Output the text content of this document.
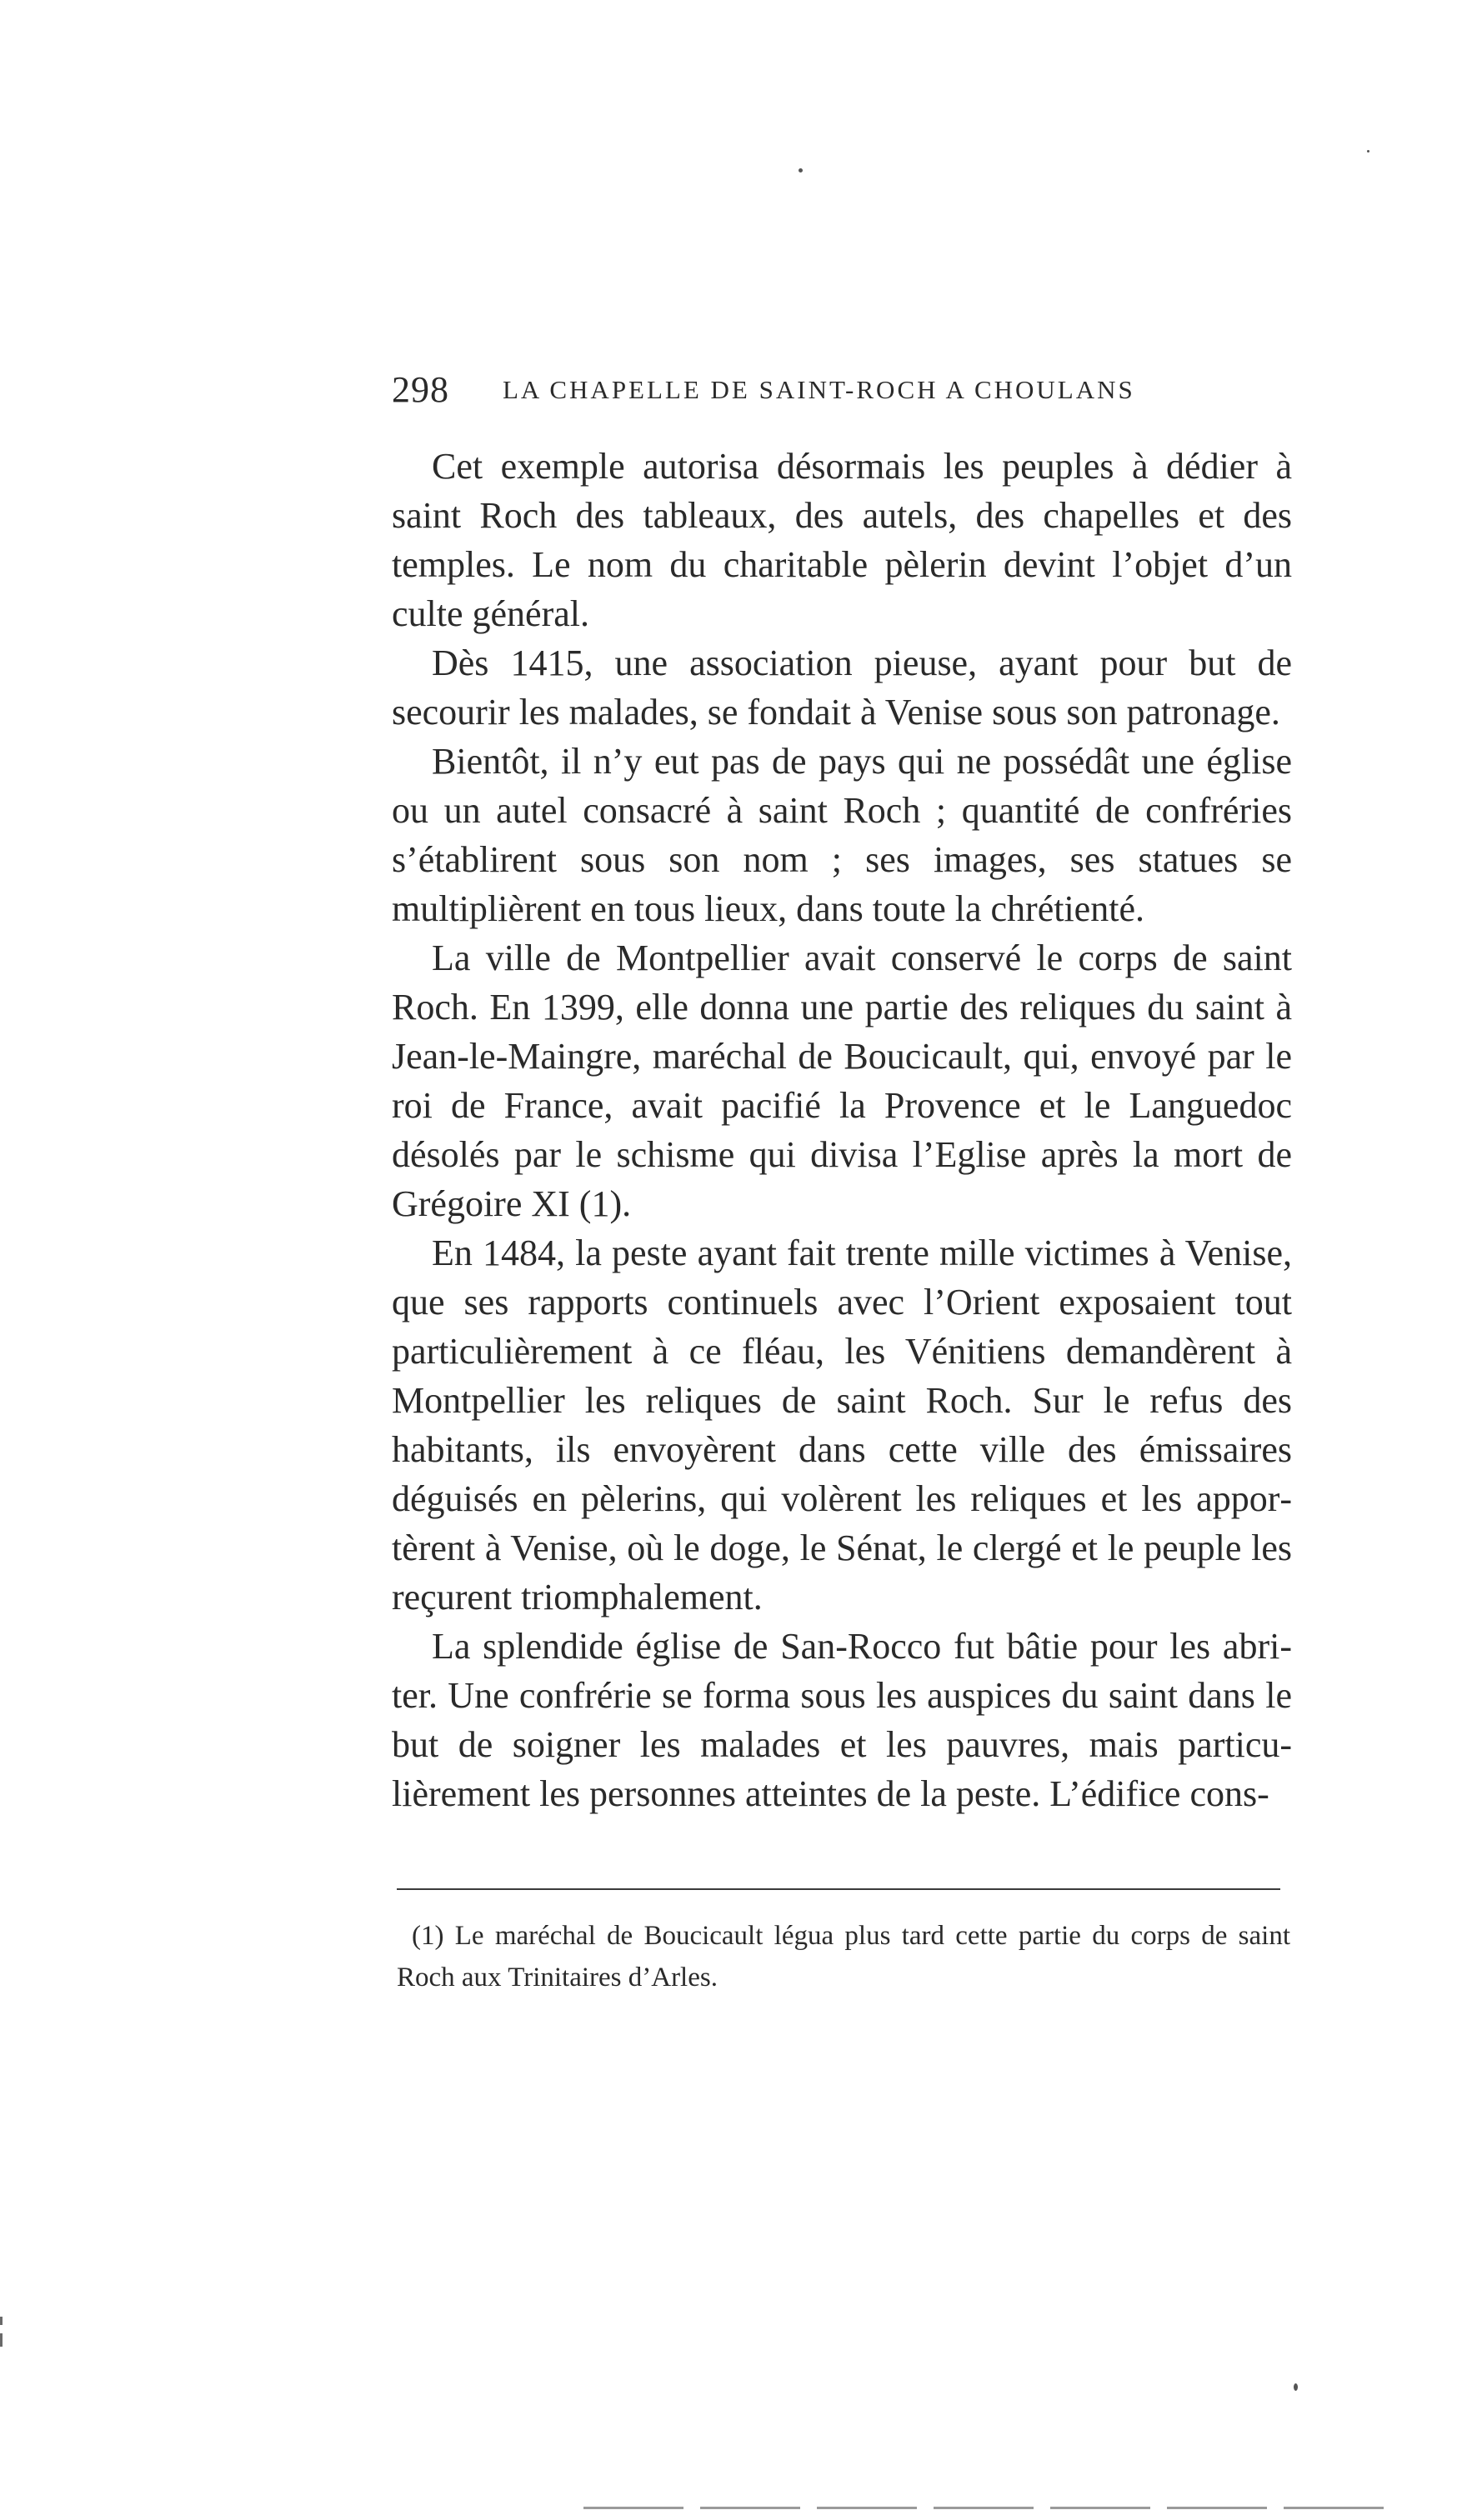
298 LA CHAPELLE DE SAINT-ROCH A CHOULANS

Cet exemple autorisa désormais les peuples à dédier à saint Roch des tableaux, des autels, des chapelles et des temples. Le nom du charitable pèlerin devint l’objet d’un culte général.

Dès 1415, une association pieuse, ayant pour but de secourir les malades, se fondait à Venise sous son patronage.

Bientôt, il n’y eut pas de pays qui ne possédât une église ou un autel consacré à saint Roch ; quantité de confréries s’établirent sous son nom ; ses images, ses statues se multiplièrent en tous lieux, dans toute la chrétienté.

La ville de Montpellier avait conservé le corps de saint Roch. En 1399, elle donna une partie des reliques du saint à Jean-le-Maingre, maréchal de Boucicault, qui, envoyé par le roi de France, avait pacifié la Provence et le Languedoc désolés par le schisme qui divisa l’Eglise après la mort de Grégoire XI (1).

En 1484, la peste ayant fait trente mille victimes à Venise, que ses rapports continuels avec l’Orient exposaient tout particulièrement à ce fléau, les Vénitiens demandèrent à Montpellier les reliques de saint Roch. Sur le refus des habitants, ils envoyèrent dans cette ville des émissaires déguisés en pèlerins, qui volèrent les reliques et les apportèrent à Venise, où le doge, le Sénat, le clergé et le peuple les reçurent triomphalement.

La splendide église de San-Rocco fut bâtie pour les abriter. Une confrérie se forma sous les auspices du saint dans le but de soigner les malades et les pauvres, mais particulièrement les personnes atteintes de la peste. L’édifice cons-

(1) Le maréchal de Boucicault légua plus tard cette partie du corps de saint Roch aux Trinitaires d’Arles.
